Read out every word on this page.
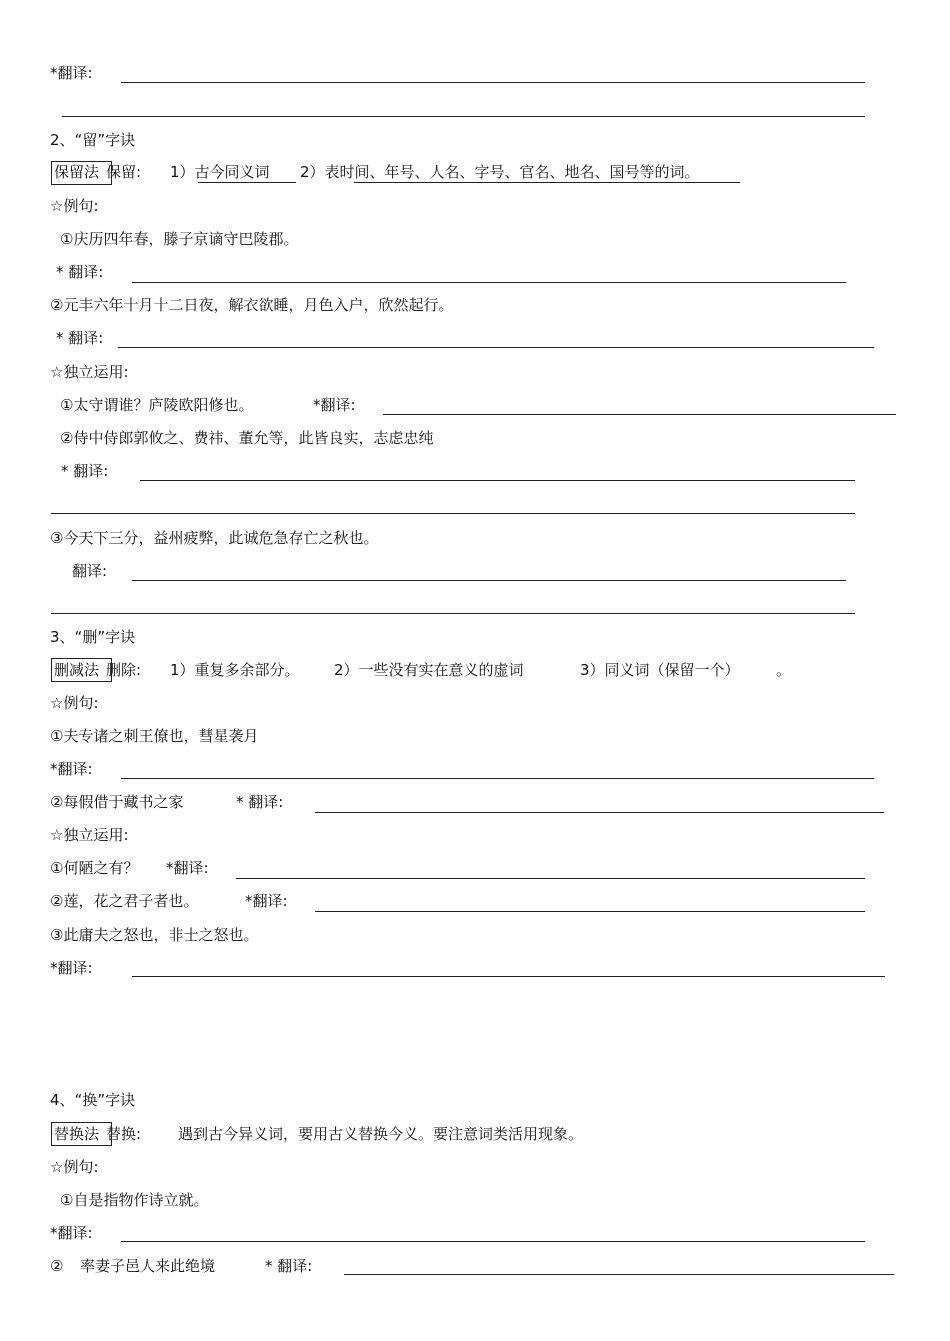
*翻译:
2、“留”字诀
保留法 保留: 1）古今同义词 2）表时间、年号、人名、字号、官名、地名、国号等的词。
☆例句:
①庆历四年春，滕子京谪守巴陵郡。
* 翻译:
②元丰六年十月十二日夜，解衣欲睡，月色入户，欣然起行。
* 翻译:
☆独立运用:
①太守谓谁？庐陵欧阳修也。	*翻译:
②侍中侍郎郭攸之、费祎、董允等，此皆良实，志虑忠纯
* 翻译:
③今天下三分，益州疲弊，此诚危急存亡之秋也。
翻译:
3、“删”字诀
删减法 删除: 1）重复多余部分。 2）一些没有实在意义的虚词	3）同义词（保留一个） 。
☆例句:
①夫专诸之刺王僚也，彗星袭月
*翻译:
②每假借于藏书之家	* 翻译:
☆独立运用:
①何陋之有？ *翻译:
②莲，花之君子者也。	*翻译:
③此庸夫之怒也，非士之怒也。
*翻译:
4、“换”字诀
替换法 替换: 遇到古今异义词，要用古义替换今义。要注意词类活用现象。
☆例句:
①自是指物作诗立就。
*翻译:
② 率妻子邑人来此绝境	* 翻译:
